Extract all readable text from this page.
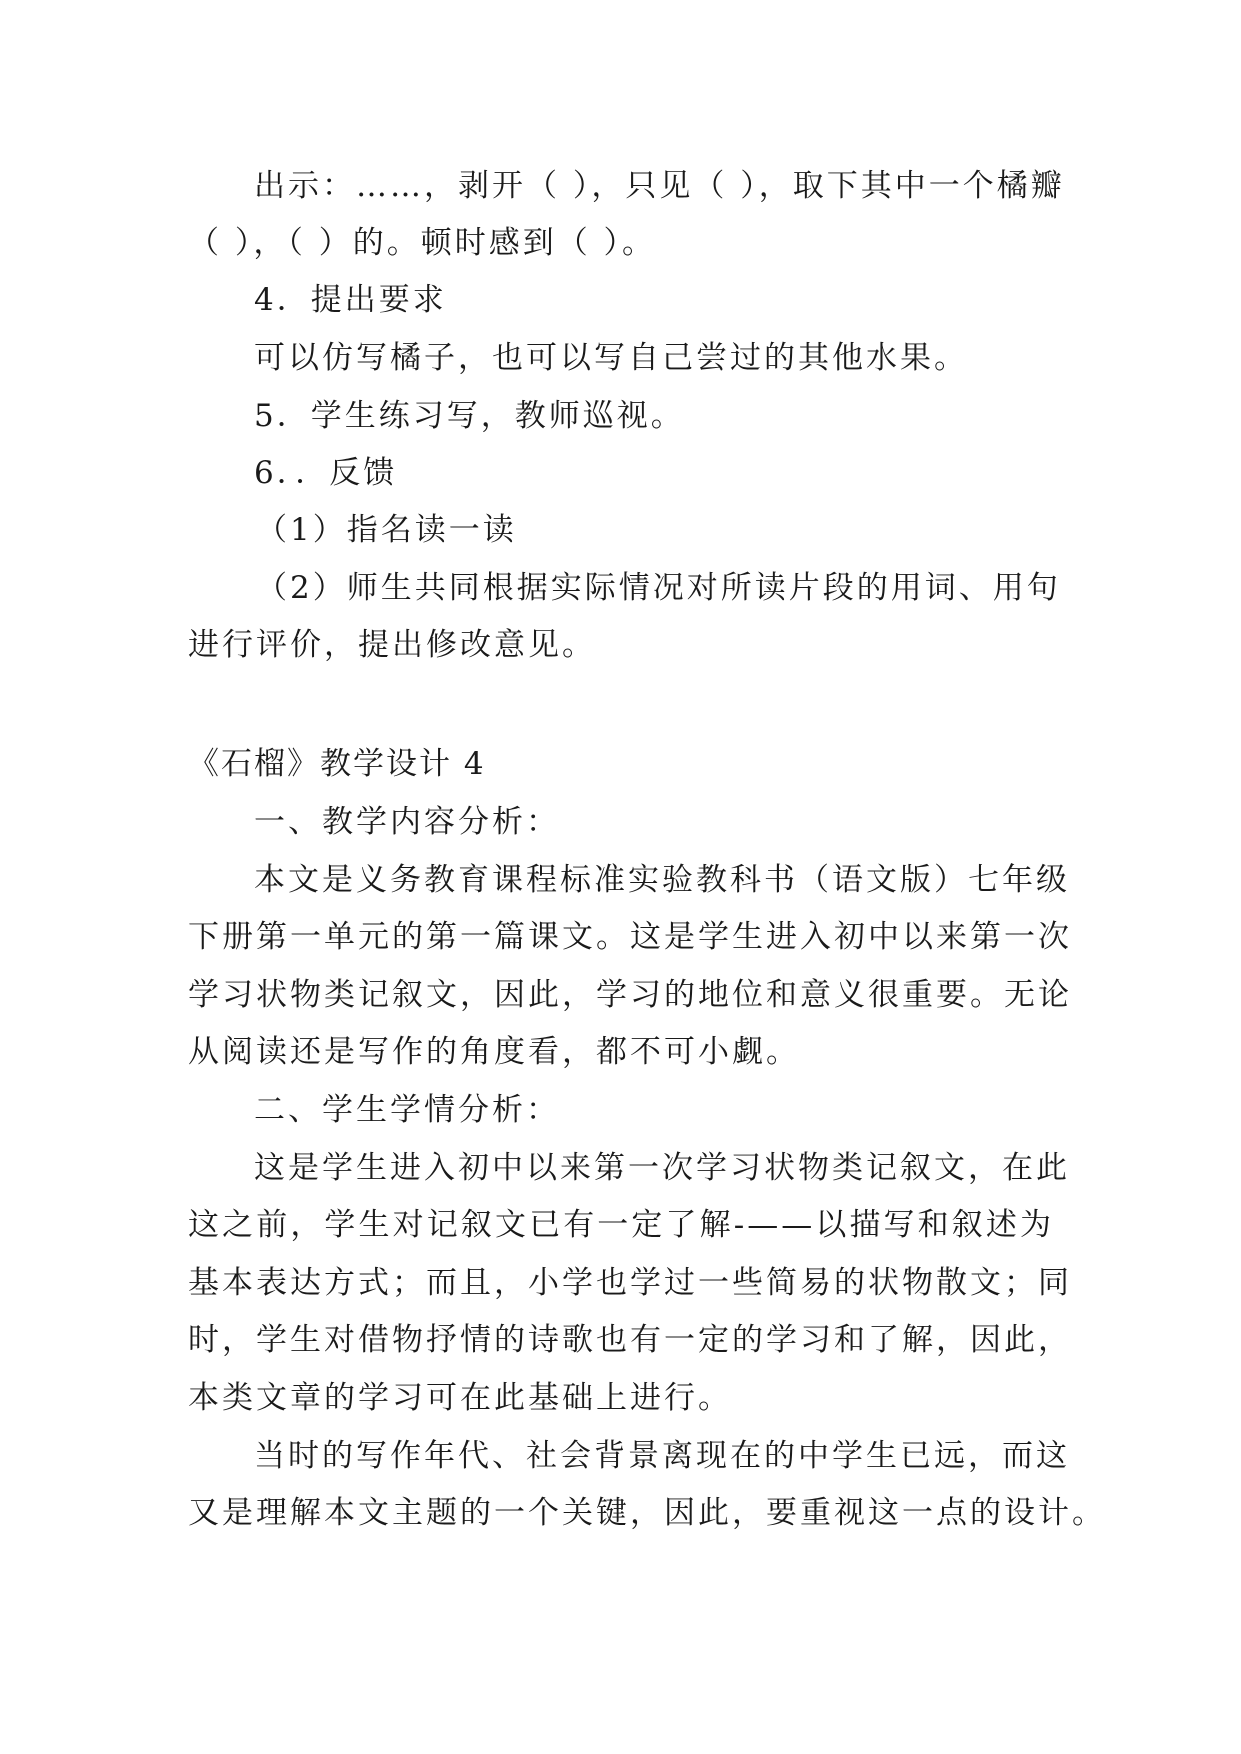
出示：……，剥开（ ），只见（ ），取下其中一个橘瓣
（ ），（ ）的。顿时感到（ ）。
4．提出要求
可以仿写橘子，也可以写自己尝过的其他水果。
5．学生练习写，教师巡视。
6．．反馈
（1）指名读一读
（2）师生共同根据实际情况对所读片段的用词、用句
进行评价，提出修改意见。
《石榴》教学设计 4
一、教学内容分析：
本文是义务教育课程标准实验教科书（语文版）七年级
下册第一单元的第一篇课文。这是学生进入初中以来第一次
学习状物类记叙文，因此，学习的地位和意义很重要。无论
从阅读还是写作的角度看，都不可小觑。
二、学生学情分析：
这是学生进入初中以来第一次学习状物类记叙文，在此
这之前，学生对记叙文已有一定了解-——以描写和叙述为
基本表达方式；而且，小学也学过一些简易的状物散文；同
时，学生对借物抒情的诗歌也有一定的学习和了解，因此，
本类文章的学习可在此基础上进行。
当时的写作年代、社会背景离现在的中学生已远，而这
又是理解本文主题的一个关键，因此，要重视这一点的设计。
